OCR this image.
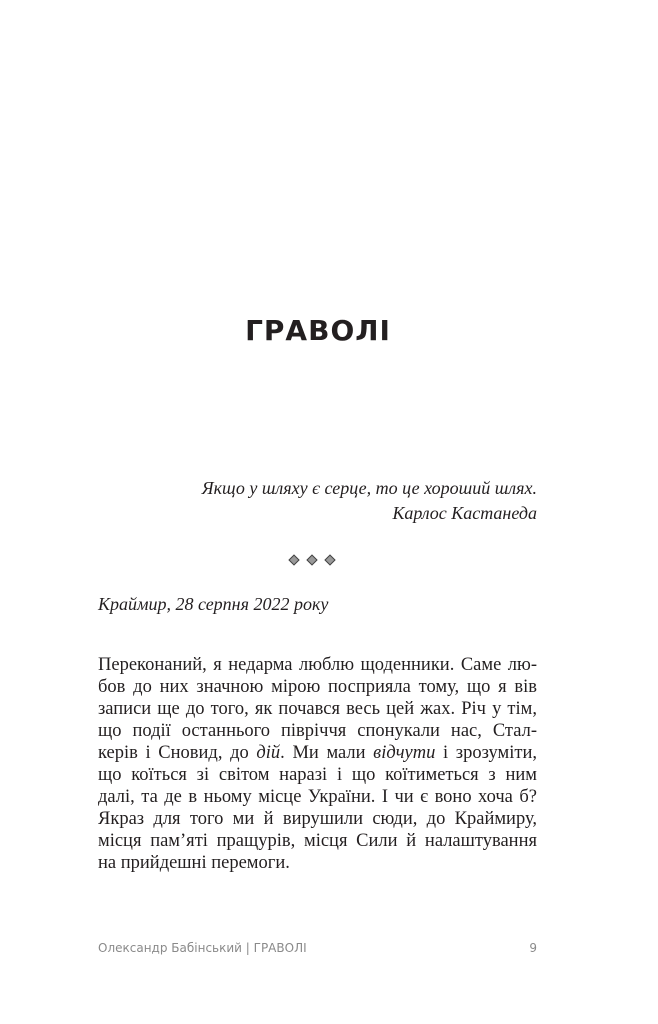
ГРАВОЛІ
Якщо у шляху є серце, то це хороший шлях.
Карлос Кастанеда
Краймир, 28 серпня 2022 року
Переконаний, я недарма люблю щоденники. Саме лю-
бов до них значною мірою посприяла тому, що я вів
записи ще до того, як почався весь цей жах. Річ у тім,
що події останнього півріччя спонукали нас, Стал-
керів і Сновид, до дій. Ми мали відчути і зрозуміти,
що коїться зі світом наразі і що коїтиметься з ним
далі, та де в ньому місце України. І чи є воно хоча б?
Якраз для того ми й вирушили сюди, до Краймиру,
місця пам’яті пращурів, місця Сили й налаштування
на прийдешні перемоги.
Олександр Бабінський | ГРАВОЛІ	9
